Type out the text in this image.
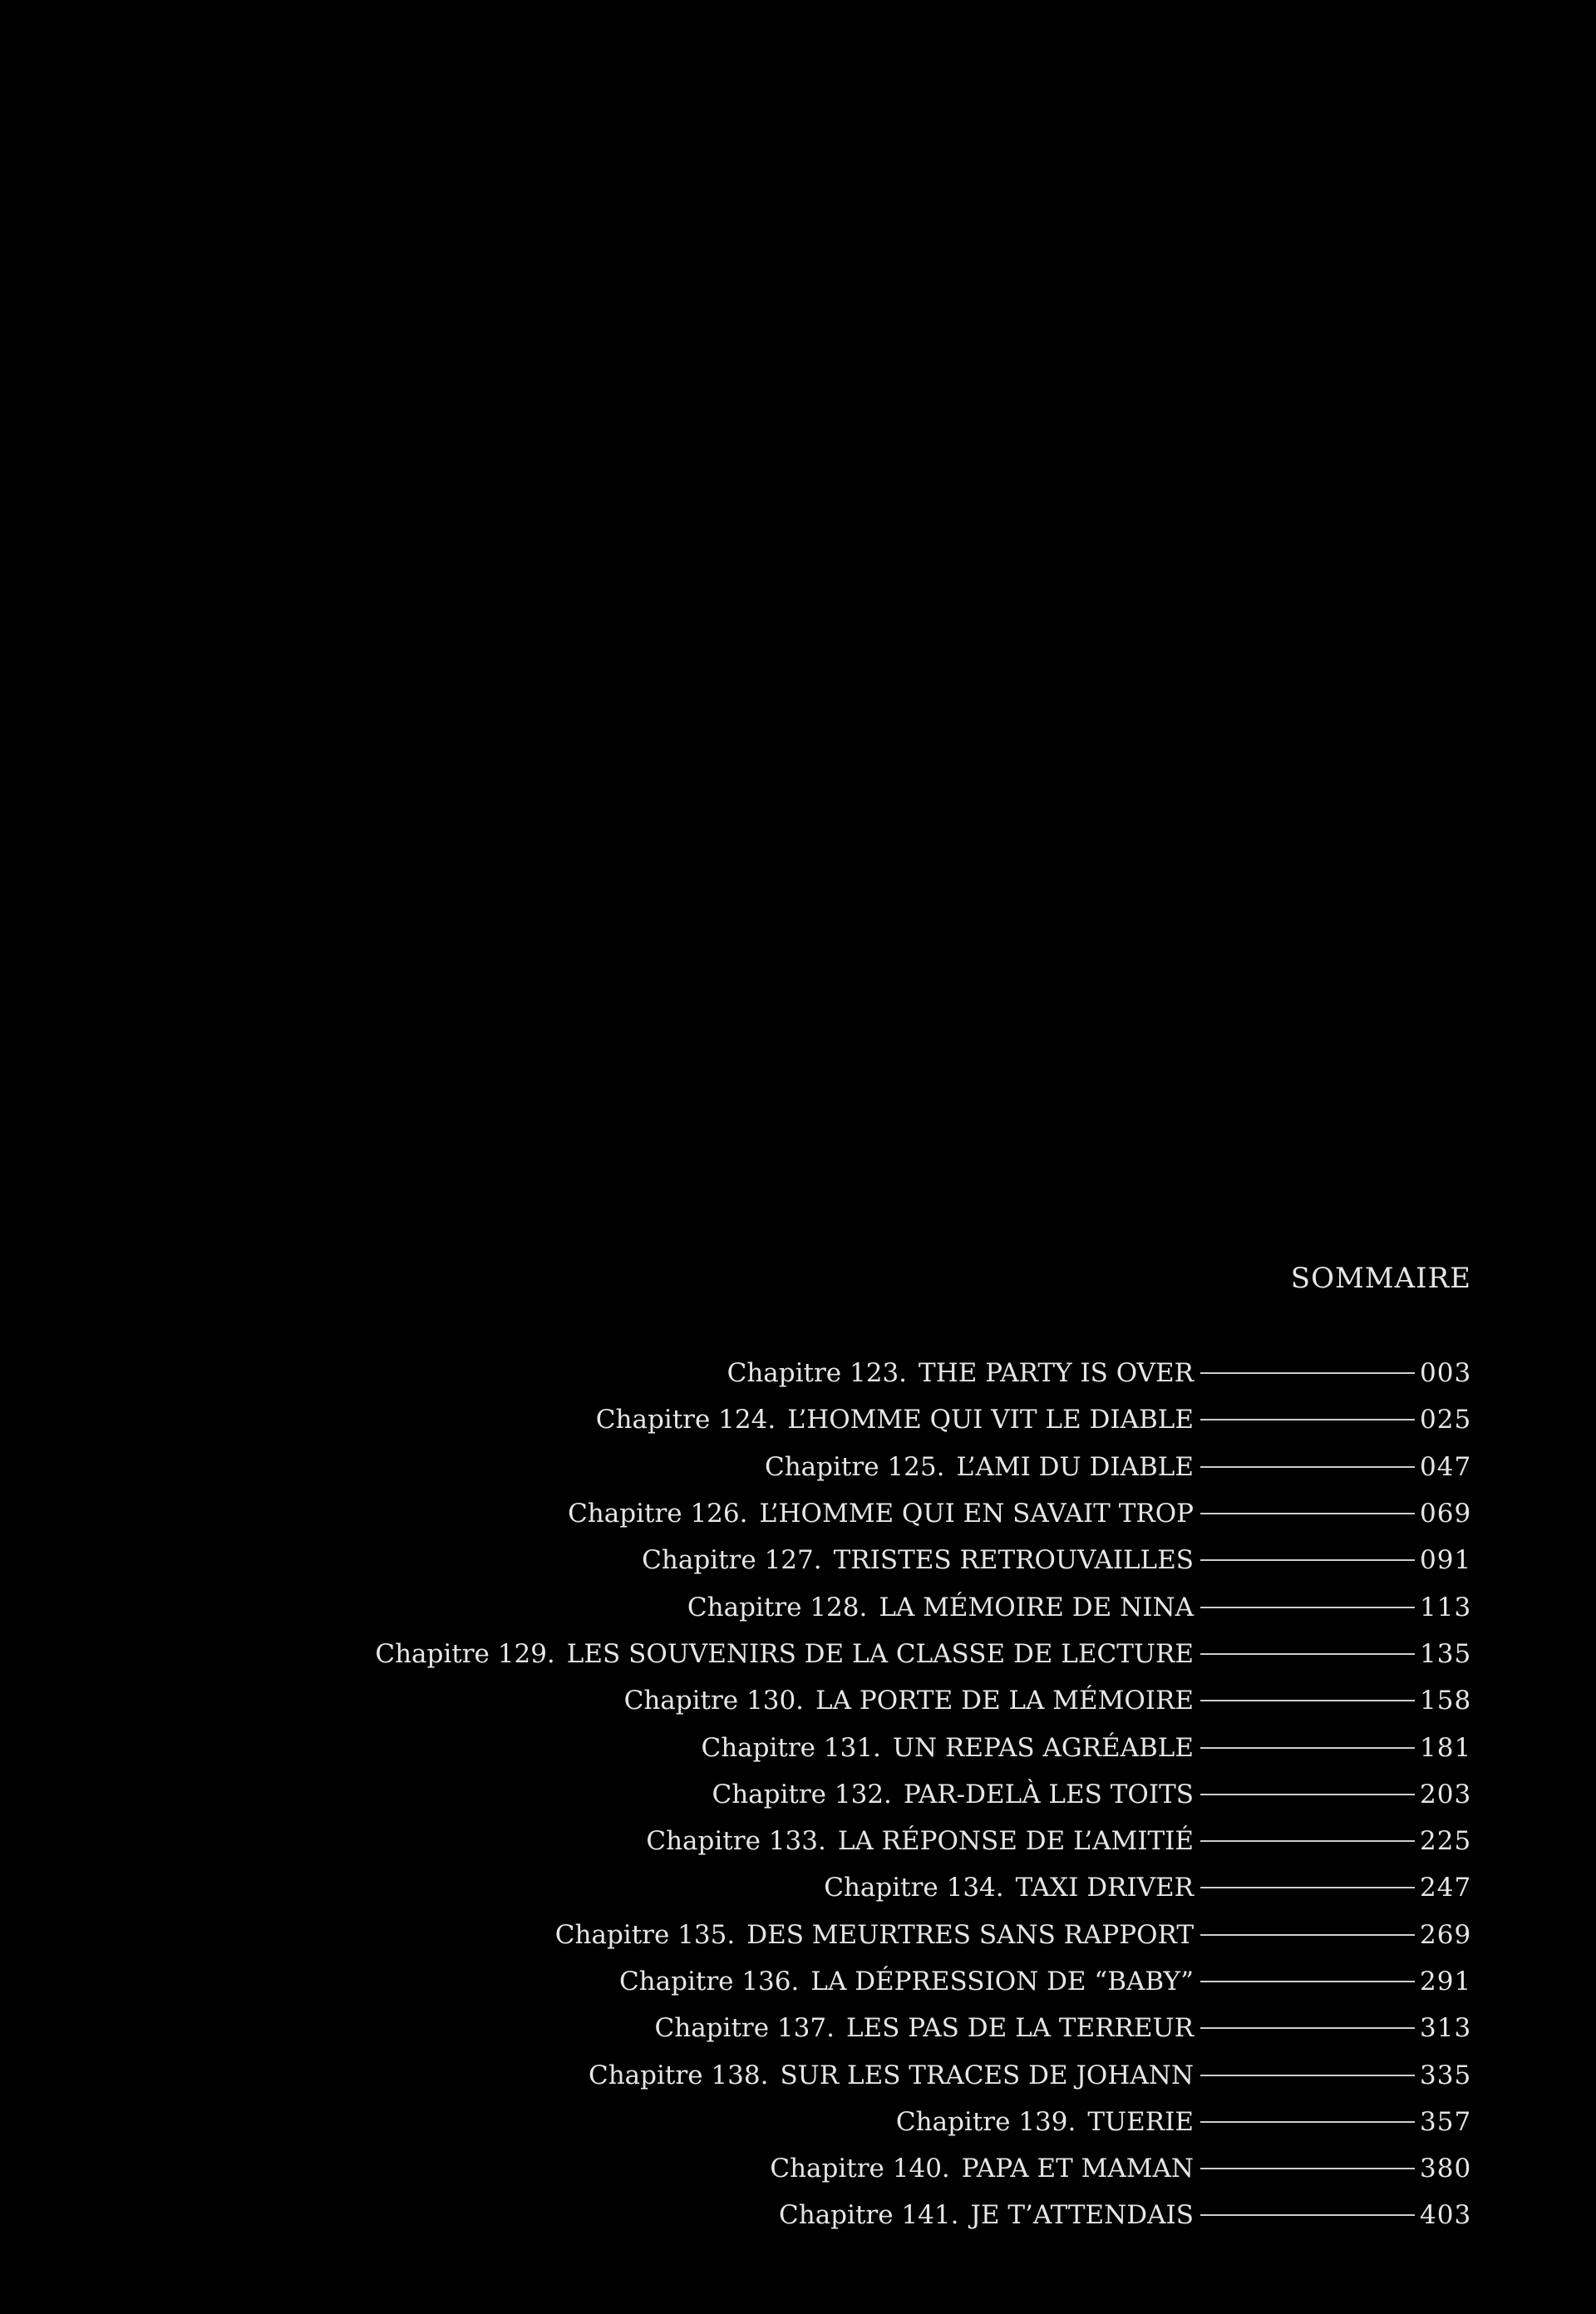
SOMMAIRE
Chapitre 123. THE PARTY IS OVER	003
Chapitre 124. L’HOMME QUI VIT LE DIABLE	025
Chapitre 125. L’AMI DU DIABLE	047
Chapitre 126. L’HOMME QUI EN SAVAIT TROP	069
Chapitre 127. TRISTES RETROUVAILLES	091
Chapitre 128. LA MÉMOIRE DE NINA	113
Chapitre 129. LES SOUVENIRS DE LA CLASSE DE LECTURE	135
Chapitre 130. LA PORTE DE LA MÉMOIRE	158
Chapitre 131. UN REPAS AGRÉABLE	181
Chapitre 132. PAR-DELÀ LES TOITS	203
Chapitre 133. LA RÉPONSE DE L’AMITIÉ	225
Chapitre 134. TAXI DRIVER	247
Chapitre 135. DES MEURTRES SANS RAPPORT	269
Chapitre 136. LA DÉPRESSION DE “BABY”	291
Chapitre 137. LES PAS DE LA TERREUR	313
Chapitre 138. SUR LES TRACES DE JOHANN	335
Chapitre 139. TUERIE	357
Chapitre 140. PAPA ET MAMAN	380
Chapitre 141. JE T’ATTENDAIS	403
